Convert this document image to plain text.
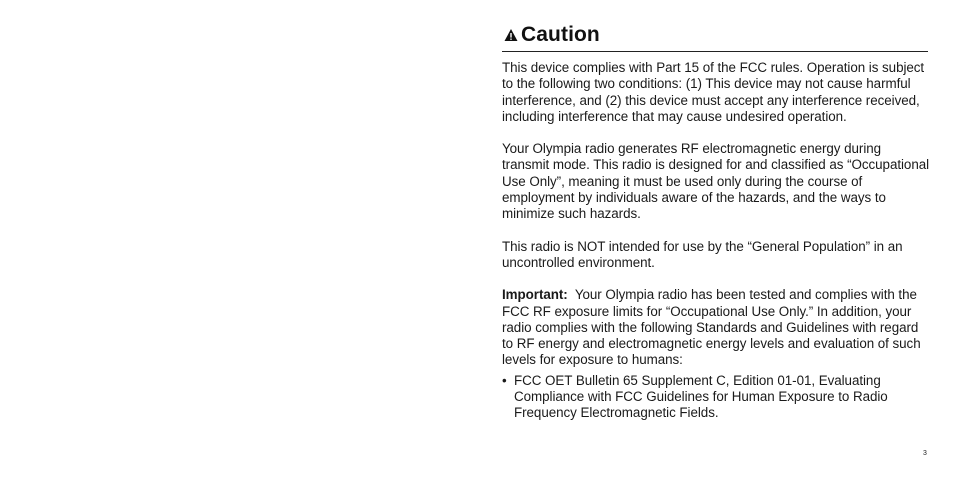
Caution

This device complies with Part 15 of the FCC rules. Operation is subject to the following two conditions: (1) This device may not cause harmful interference, and (2) this device must accept any interference received, including interference that may cause undesired operation.

Your Olympia radio generates RF electromagnetic energy during transmit mode. This radio is designed for and classified as “Occupational Use Only”, meaning it must be used only during the course of employment by individuals aware of the hazards, and the ways to minimize such hazards.

This radio is NOT intended for use by the “General Population” in an uncontrolled environment.

Important: Your Olympia radio has been tested and complies with the FCC RF exposure limits for “Occupational Use Only.” In addition, your radio complies with the following Standards and Guidelines with regard to RF energy and electromagnetic energy levels and evaluation of such levels for exposure to humans:

• FCC OET Bulletin 65 Supplement C, Edition 01-01, Evaluating Compliance with FCC Guidelines for Human Exposure to Radio Frequency Electromagnetic Fields.
3
